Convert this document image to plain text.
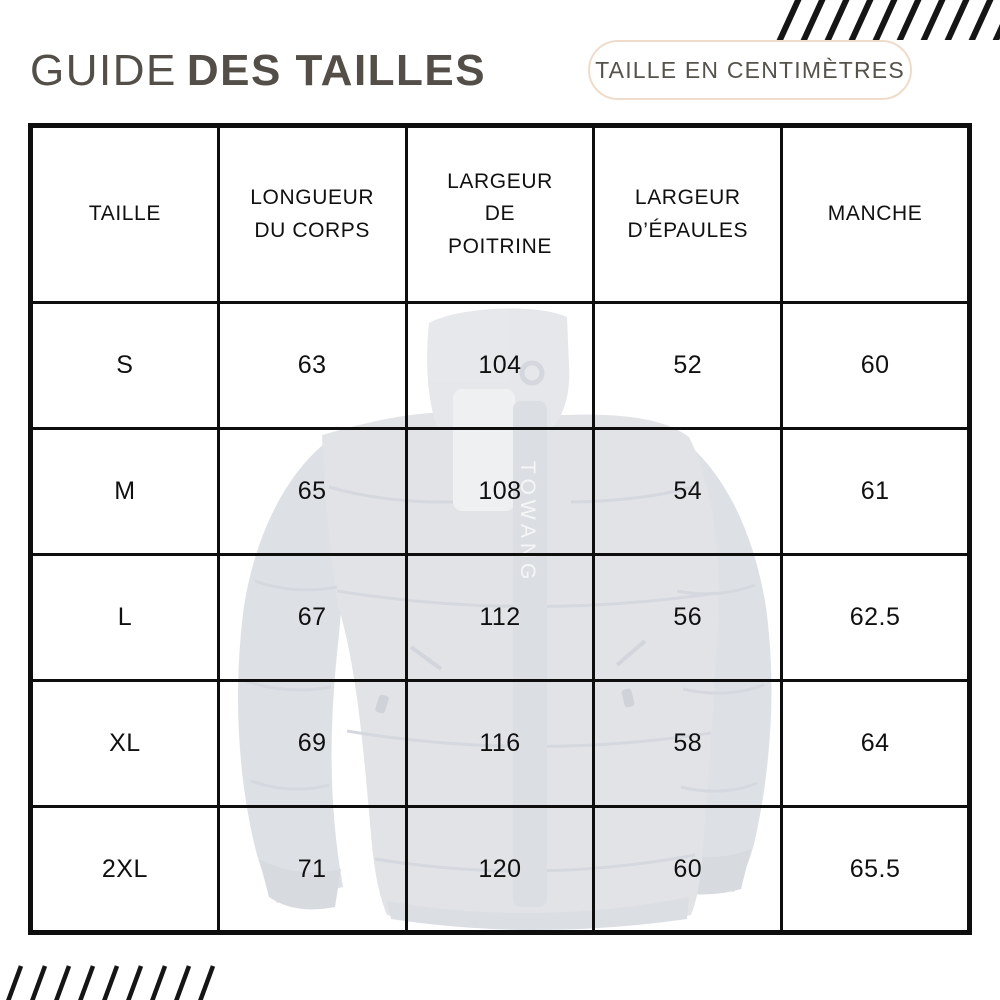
GUIDE DES TAILLES	TAILLE EN CENTIMÈTRES
TOWANG
TAILLE	LONGUEUR DU CORPS	LARGEUR DE POITRINE	LARGEUR D’ÉPAULES	MANCHE
S	63	104	52	60
M	65	108	54	61
L	67	112	56	62.5
XL	69	116	58	64
2XL	71	120	60	65.5
